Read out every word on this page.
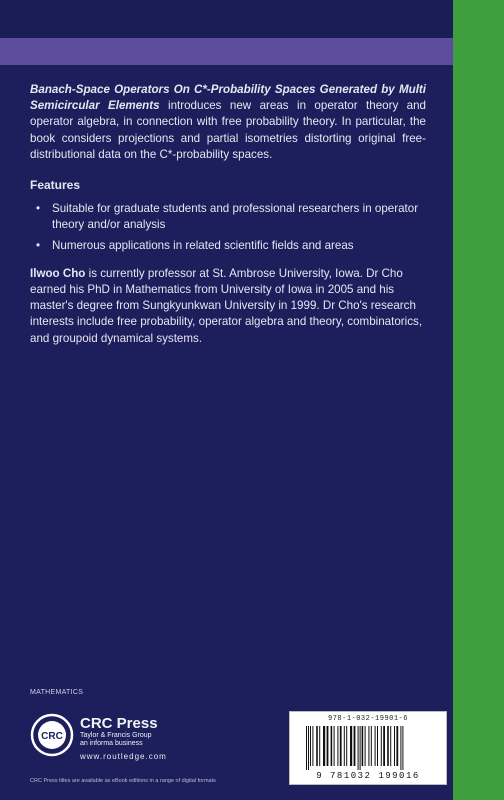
Banach-Space Operators On C*-Probability Spaces Generated by Multi Semicircular Elements introduces new areas in operator theory and operator algebra, in connection with free probability theory. In particular, the book considers projections and partial isometries distorting original free-distributional data on the C*-probability spaces.

Features
• Suitable for graduate students and professional researchers in operator theory and/or analysis
• Numerous applications in related scientific fields and areas

Ilwoo Cho is currently professor at St. Ambrose University, Iowa. Dr Cho earned his PhD in Mathematics from University of Iowa in 2005 and his master's degree from Sungkyunkwan University in 1999. Dr Cho's research interests include free probability, operator algebra and theory, combinatorics, and groupoid dynamical systems.

MATHEMATICS
CRC
CRC Press
Taylor & Francis Group
an informa business
www.routledge.com
CRC Press titles are available as eBook editions in a range of digital formats
978-1-032-19901-6
9 781032 199016
